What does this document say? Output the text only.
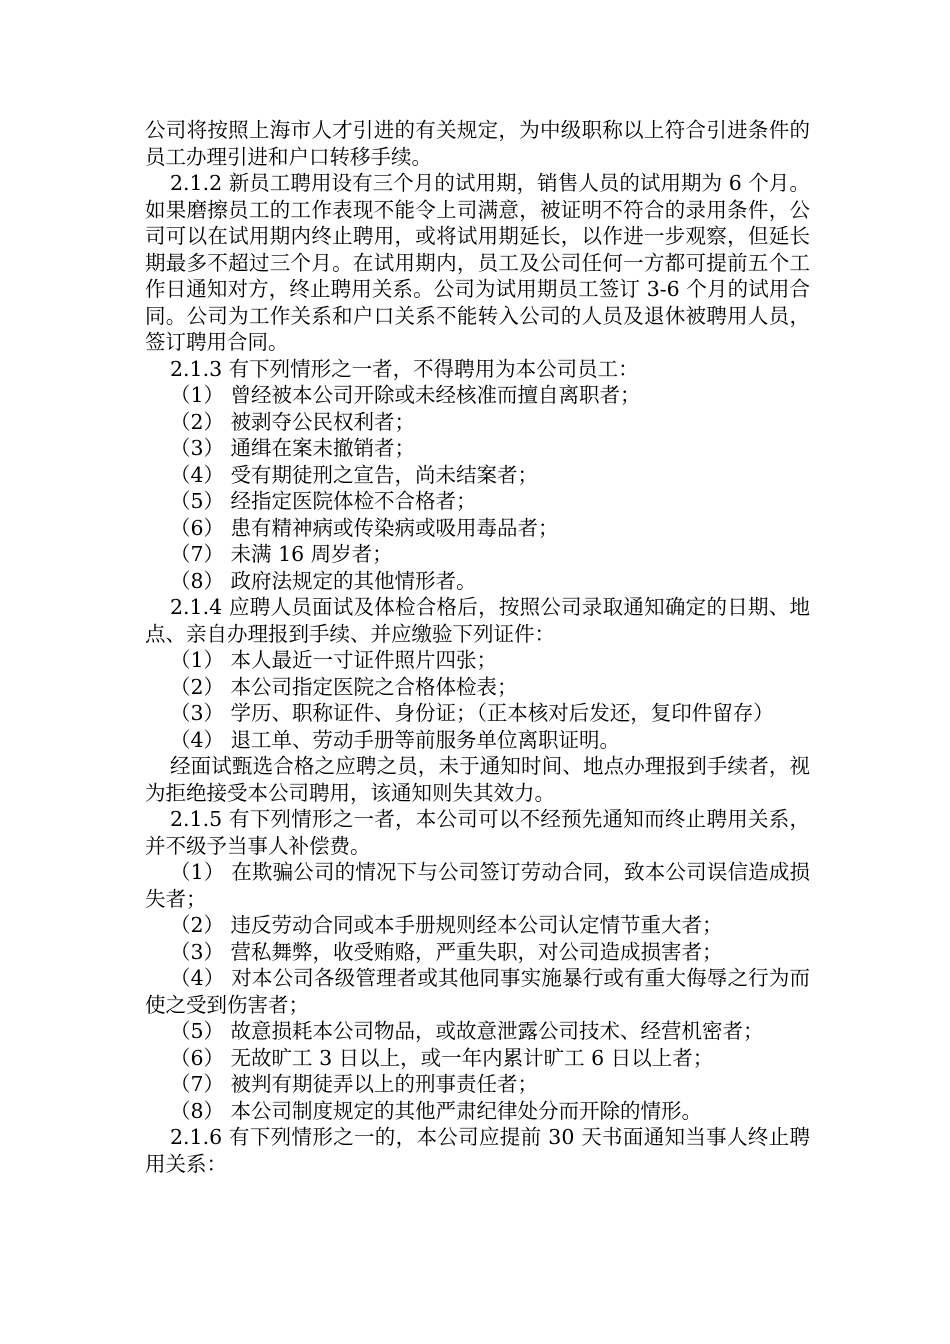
公司将按照上海市人才引进的有关规定，为中级职称以上符合引进条件的员工办理引进和户口转移手续。

2.1.2 新员工聘用设有三个月的试用期，销售人员的试用期为 6 个月。如果磨擦员工的工作表现不能令上司满意，被证明不符合的录用条件，公司可以在试用期内终止聘用，或将试用期延长，以作进一步观察，但延长期最多不超过三个月。在试用期内，员工及公司任何一方都可提前五个工作日通知对方，终止聘用关系。公司为试用期员工签订 3-6 个月的试用合同。公司为工作关系和户口关系不能转入公司的人员及退休被聘用人员，签订聘用合同。

2.1.3 有下列情形之一者，不得聘用为本公司员工：

（1） 曾经被本公司开除或未经核准而擅自离职者；

（2） 被剥夺公民权利者；

（3） 通缉在案未撤销者；

（4） 受有期徒刑之宣告，尚未结案者；

（5） 经指定医院体检不合格者；

（6） 患有精神病或传染病或吸用毒品者；

（7） 未满 16 周岁者；

（8） 政府法规定的其他情形者。

2.1.4 应聘人员面试及体检合格后，按照公司录取通知确定的日期、地点、亲自办理报到手续、并应缴验下列证件：

（1） 本人最近一寸证件照片四张；

（2） 本公司指定医院之合格体检表；

（3） 学历、职称证件、身份证；（正本核对后发还，复印件留存）

（4） 退工单、劳动手册等前服务单位离职证明。

经面试甄选合格之应聘之员，未于通知时间、地点办理报到手续者，视为拒绝接受本公司聘用，该通知则失其效力。

2.1.5 有下列情形之一者，本公司可以不经预先通知而终止聘用关系，并不级予当事人补偿费。

（1） 在欺骗公司的情况下与公司签订劳动合同，致本公司误信造成损失者；

（2） 违反劳动合同或本手册规则经本公司认定情节重大者；

（3） 营私舞弊，收受贿赂，严重失职，对公司造成损害者；

（4） 对本公司各级管理者或其他同事实施暴行或有重大侮辱之行为而使之受到伤害者；

（5） 故意损耗本公司物品，或故意泄露公司技术、经营机密者；

（6） 无故旷工 3 日以上，或一年内累计旷工 6 日以上者；

（7） 被判有期徒弄以上的刑事责任者；

（8） 本公司制度规定的其他严肃纪律处分而开除的情形。

2.1.6 有下列情形之一的，本公司应提前 30 天书面通知当事人终止聘用关系：
